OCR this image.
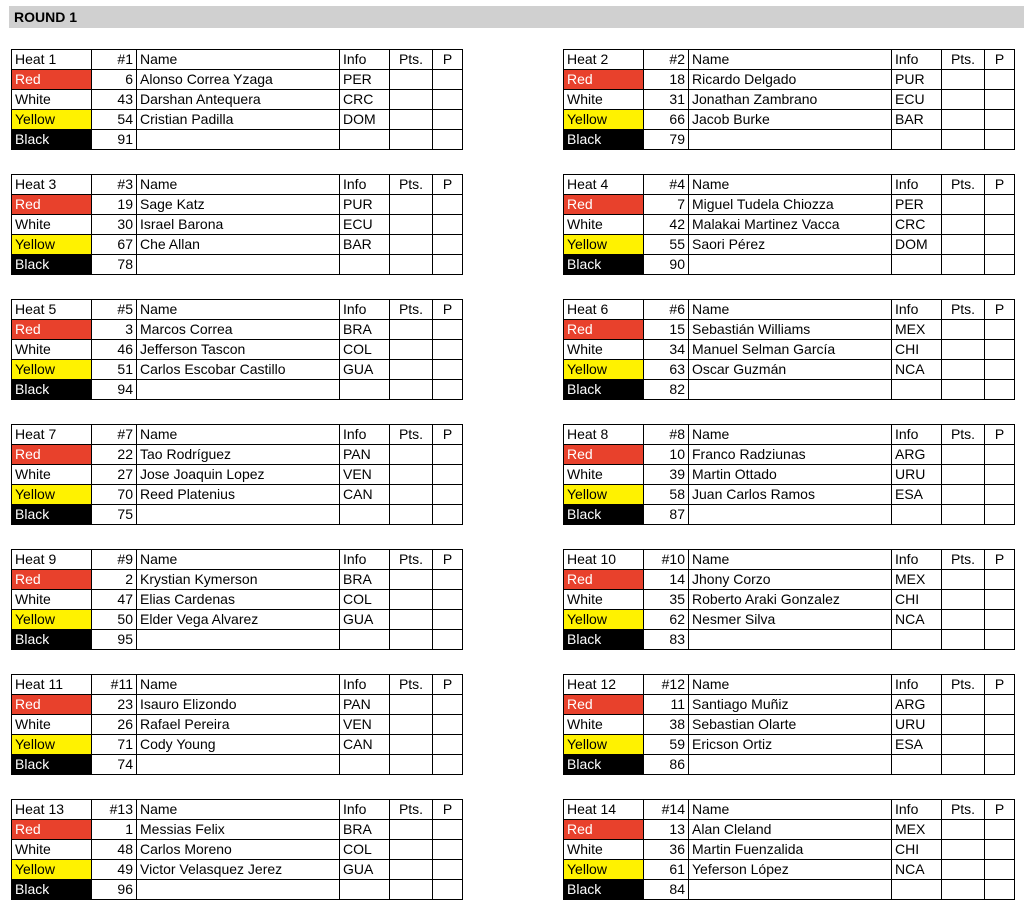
ROUND 1
Heat 1	#1	Name	Info	Pts.	P
Red	6	Alonso Correa Yzaga	PER		
White	43	Darshan Antequera	CRC		
Yellow	54	Cristian Padilla	DOM		
Black	91				
Heat 2	#2	Name	Info	Pts.	P
Red	18	Ricardo Delgado	PUR		
White	31	Jonathan Zambrano	ECU		
Yellow	66	Jacob Burke	BAR		
Black	79				
Heat 3	#3	Name	Info	Pts.	P
Red	19	Sage Katz	PUR		
White	30	Israel Barona	ECU		
Yellow	67	Che Allan	BAR		
Black	78				
Heat 4	#4	Name	Info	Pts.	P
Red	7	Miguel Tudela Chiozza	PER		
White	42	Malakai Martinez Vacca	CRC		
Yellow	55	Saori Pérez	DOM		
Black	90				
Heat 5	#5	Name	Info	Pts.	P
Red	3	Marcos Correa	BRA		
White	46	Jefferson Tascon	COL		
Yellow	51	Carlos Escobar Castillo	GUA		
Black	94				
Heat 6	#6	Name	Info	Pts.	P
Red	15	Sebastián Williams	MEX		
White	34	Manuel Selman García	CHI		
Yellow	63	Oscar Guzmán	NCA		
Black	82				
Heat 7	#7	Name	Info	Pts.	P
Red	22	Tao Rodríguez	PAN		
White	27	Jose Joaquin Lopez	VEN		
Yellow	70	Reed Platenius	CAN		
Black	75				
Heat 8	#8	Name	Info	Pts.	P
Red	10	Franco Radziunas	ARG		
White	39	Martin Ottado	URU		
Yellow	58	Juan Carlos Ramos	ESA		
Black	87				
Heat 9	#9	Name	Info	Pts.	P
Red	2	Krystian Kymerson	BRA		
White	47	Elias Cardenas	COL		
Yellow	50	Elder Vega Alvarez	GUA		
Black	95				
Heat 10	#10	Name	Info	Pts.	P
Red	14	Jhony Corzo	MEX		
White	35	Roberto Araki Gonzalez	CHI		
Yellow	62	Nesmer Silva	NCA		
Black	83				
Heat 11	#11	Name	Info	Pts.	P
Red	23	Isauro Elizondo	PAN		
White	26	Rafael Pereira	VEN		
Yellow	71	Cody Young	CAN		
Black	74				
Heat 12	#12	Name	Info	Pts.	P
Red	11	Santiago Muñiz	ARG		
White	38	Sebastian Olarte	URU		
Yellow	59	Ericson Ortiz	ESA		
Black	86				
Heat 13	#13	Name	Info	Pts.	P
Red	1	Messias Felix	BRA		
White	48	Carlos Moreno	COL		
Yellow	49	Victor Velasquez Jerez	GUA		
Black	96				
Heat 14	#14	Name	Info	Pts.	P
Red	13	Alan Cleland	MEX		
White	36	Martin Fuenzalida	CHI		
Yellow	61	Yeferson López	NCA		
Black	84				
